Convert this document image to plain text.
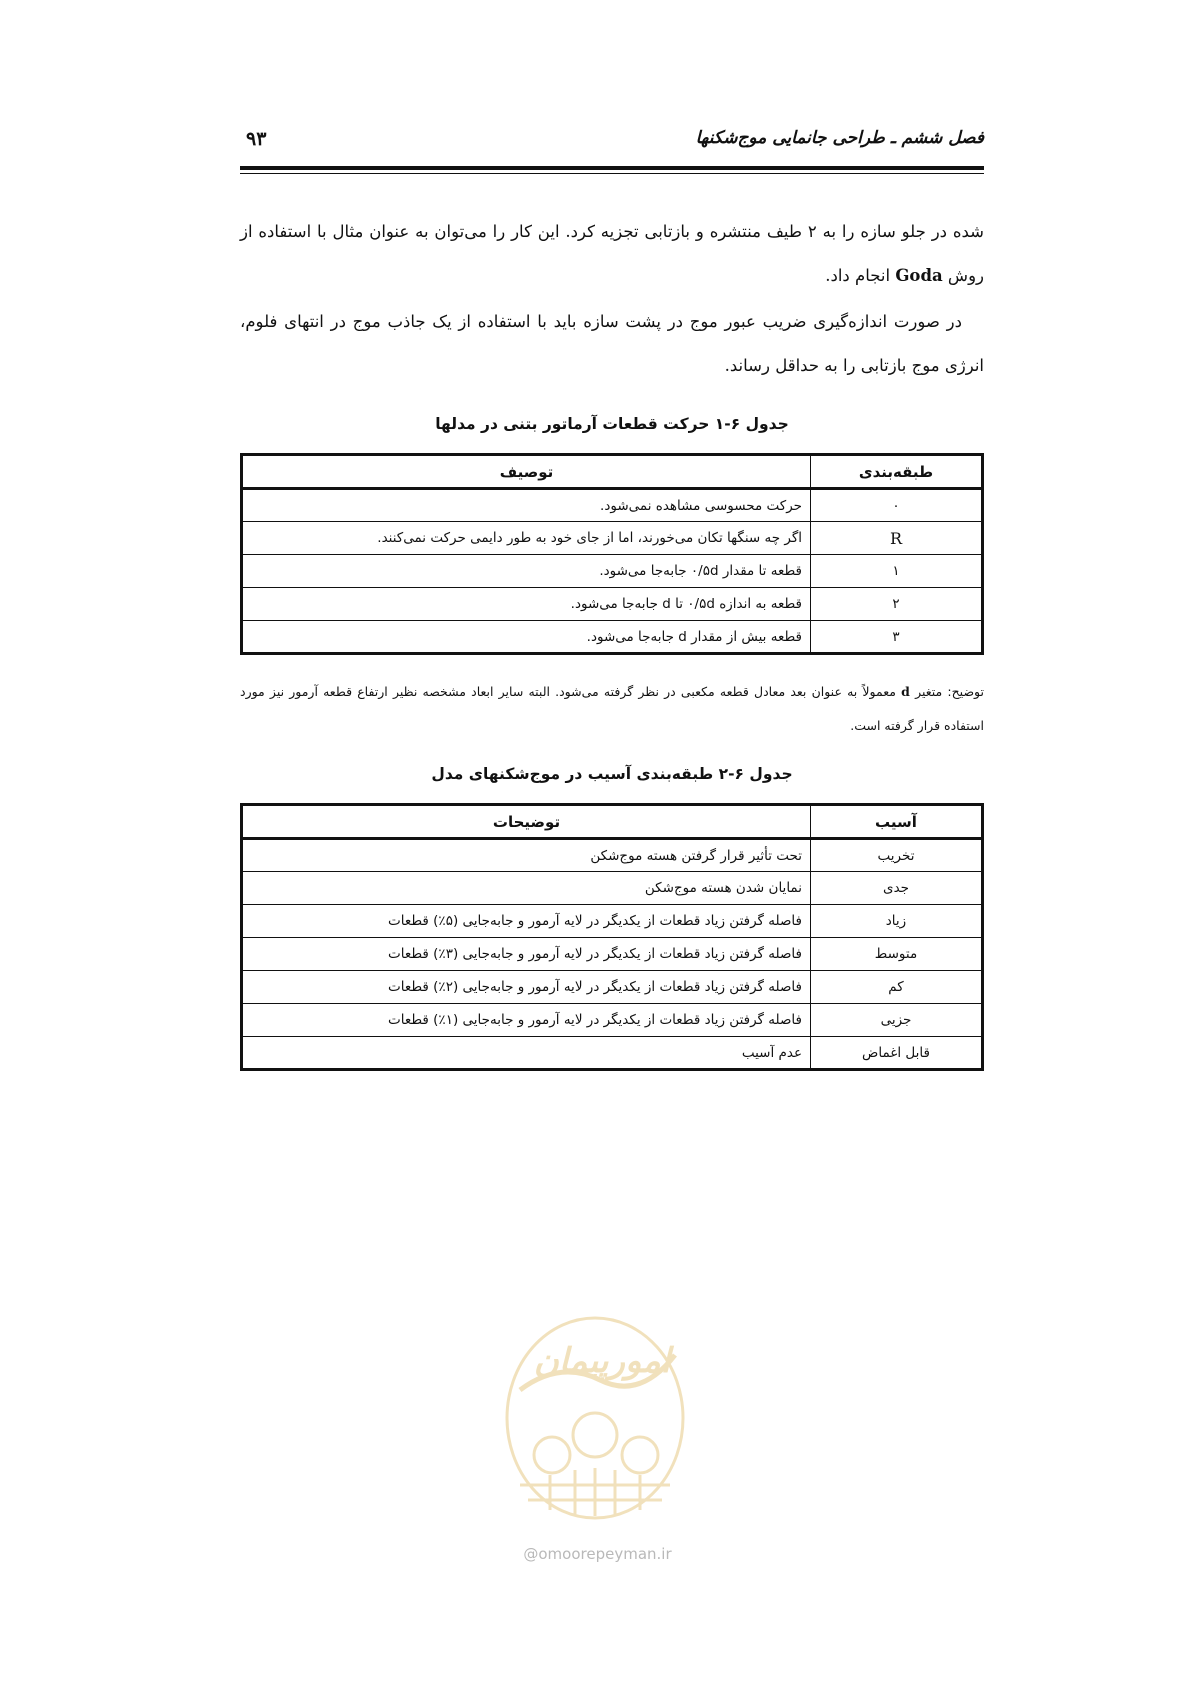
فصل ششم ـ طراحی جانمایی موج‌شکنها
۹۳

شده در جلو سازه را به ۲ طیف منتشره و بازتابی تجزیه کرد. این کار را می‌توان به عنوان مثال با استفاده از روش Goda انجام داد.

در صورت اندازه‌گیری ضریب عبور موج در پشت سازه باید با استفاده از یک جاذب موج در انتهای فلوم، انرژی موج بازتابی را به حداقل رساند.

جدول ۶-۱ حرکت قطعات آرماتور بتنی در مدلها
طبقه‌بندی	توصیف
۰	حرکت محسوسی مشاهده نمی‌شود.
R	اگر چه سنگها تکان می‌خورند، اما از جای خود به طور دایمی حرکت نمی‌کنند.
۱	قطعه تا مقدار ۰/۵d جابه‌جا می‌شود.
۲	قطعه به اندازه ۰/۵d تا d جابه‌جا می‌شود.
۳	قطعه بیش از مقدار d جابه‌جا می‌شود.

توضیح: متغیر d معمولاً به عنوان بعد معادل قطعه مکعبی در نظر گرفته می‌شود. البته سایر ابعاد مشخصه نظیر ارتفاع قطعه آرمور نیز مورد استفاده قرار گرفته است.

جدول ۶-۲ طبقه‌بندی آسیب در موج‌شکنهای مدل
آسیب	توضیحات
تخریب	تحت تأثیر قرار گرفتن هسته موج‌شکن
جدی	نمایان شدن هسته موج‌شکن
زیاد	فاصله گرفتن زیاد قطعات از یکدیگر در لایه آرمور و جابه‌جایی (۵٪) قطعات
متوسط	فاصله گرفتن زیاد قطعات از یکدیگر در لایه آرمور و جابه‌جایی (۳٪) قطعات
کم	فاصله گرفتن زیاد قطعات از یکدیگر در لایه آرمور و جابه‌جایی (۲٪) قطعات
جزیی	فاصله گرفتن زیاد قطعات از یکدیگر در لایه آرمور و جابه‌جایی (۱٪) قطعات
قابل اغماض	عدم آسیب
امورپیمان
@omoorepeyman.ir
